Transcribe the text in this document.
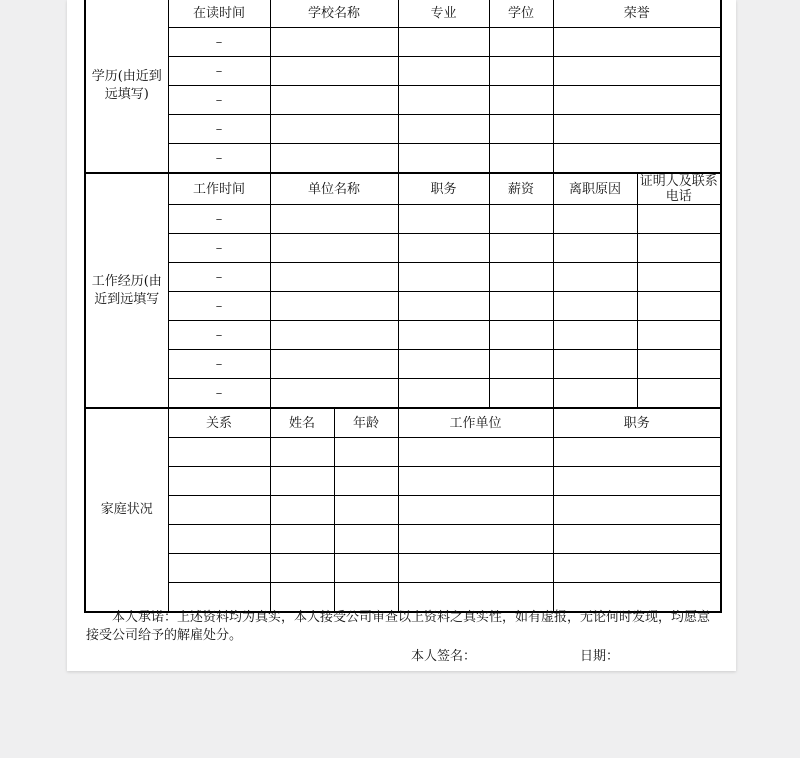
学历(由近到远填写)	在读时间	学校名称		专业	学位	荣誉	
	–						
	–						
	–						
	–						
	–						
工作经历(由近到远填写	工作时间	单位名称		职务	薪资	离职原因	证明人及联系电话
	–						
	–						
	–						
	–						
	–						
	–						
	–						
家庭状况	关系	姓名	年龄	工作单位		职务	

本人承诺：上述资料均为真实，本人接受公司审查以上资料之真实性，如有虚报，无论何时发现，均愿意接受公司给予的解雇处分。

本人签名：	日期：
